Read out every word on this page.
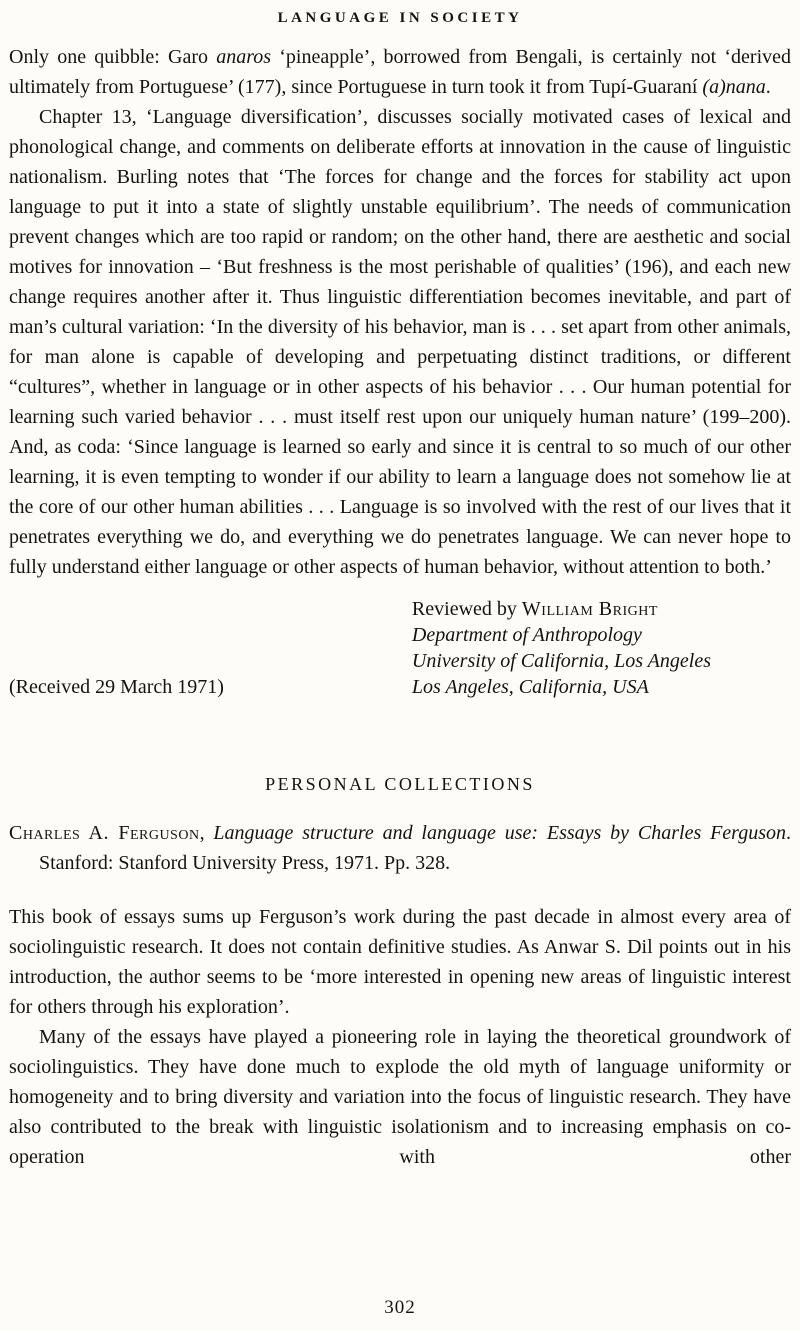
LANGUAGE IN SOCIETY

Only one quibble: Garo anaros ‘pineapple’, borrowed from Bengali, is certainly not ‘derived ultimately from Portuguese’ (177), since Portuguese in turn took it from Tupí-Guaraní (a)nana.

Chapter 13, ‘Language diversification’, discusses socially motivated cases of lexical and phonological change, and comments on deliberate efforts at innovation in the cause of linguistic nationalism. Burling notes that ‘The forces for change and the forces for stability act upon language to put it into a state of slightly unstable equilibrium’. The needs of communication prevent changes which are too rapid or random; on the other hand, there are aesthetic and social motives for innovation – ‘But freshness is the most perishable of qualities’ (196), and each new change requires another after it. Thus linguistic differentiation becomes inevitable, and part of man’s cultural variation: ‘In the diversity of his behavior, man is . . . set apart from other animals, for man alone is capable of developing and perpetuating distinct traditions, or different “cultures”, whether in language or in other aspects of his behavior . . . Our human potential for learning such varied behavior . . . must itself rest upon our uniquely human nature’ (199–200). And, as coda: ‘Since language is learned so early and since it is central to so much of our other learning, it is even tempting to wonder if our ability to learn a language does not somehow lie at the core of our other human abilities . . . Language is so involved with the rest of our lives that it penetrates everything we do, and everything we do penetrates language. We can never hope to fully understand either language or other aspects of human behavior, without attention to both.’

(Received 29 March 1971)
Reviewed by William Bright
Department of Anthropology
University of California, Los Angeles
Los Angeles, California, USA
PERSONAL COLLECTIONS

Charles A. Ferguson, Language structure and language use: Essays by Charles Ferguson. Stanford: Stanford University Press, 1971. Pp. 328.

This book of essays sums up Ferguson’s work during the past decade in almost every area of sociolinguistic research. It does not contain definitive studies. As Anwar S. Dil points out in his introduction, the author seems to be ‘more interested in opening new areas of linguistic interest for others through his exploration’.

Many of the essays have played a pioneering role in laying the theoretical groundwork of sociolinguistics. They have done much to explode the old myth of language uniformity or homogeneity and to bring diversity and variation into the focus of linguistic research. They have also contributed to the break with linguistic isolationism and to increasing emphasis on co-operation with other

302
